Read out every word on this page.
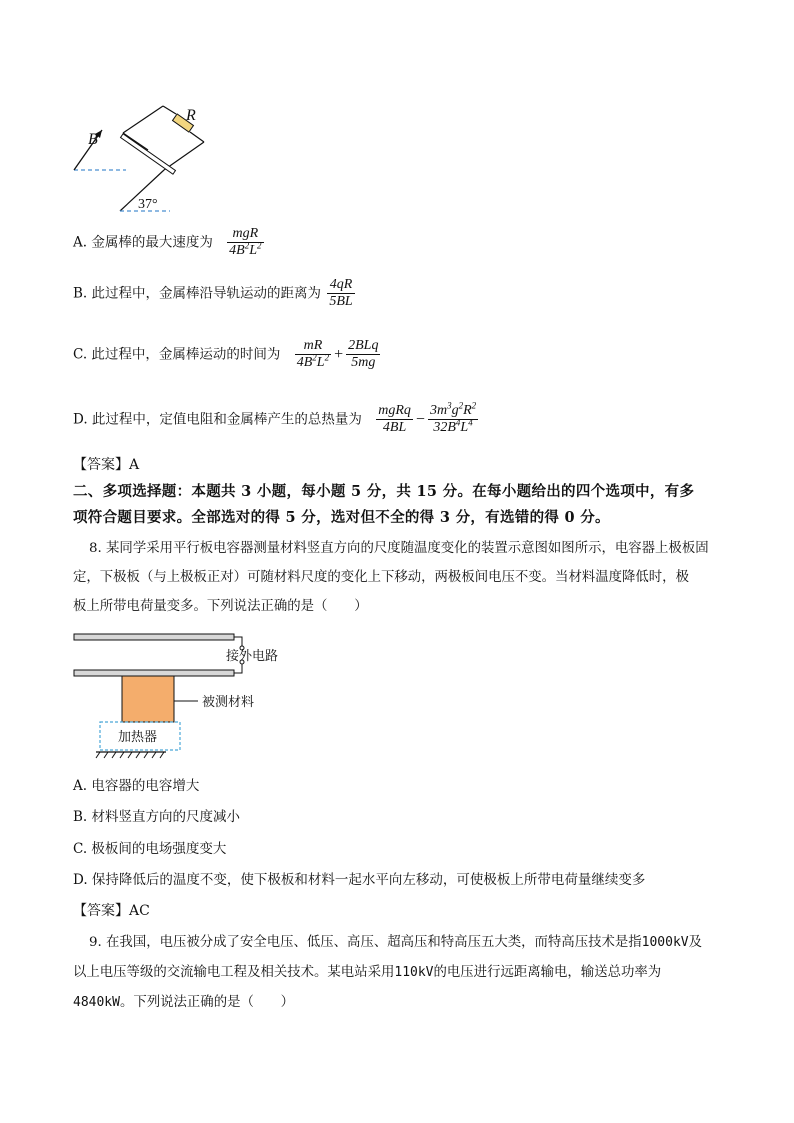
B
R
37°
A. 金属棒的最大速度为 $\frac{\text{mgR}}{4B^2L^2}$
B. 此过程中，金属棒沿导轨运动的距离为 $\frac{4qR}{5BL}$
C. 此过程中，金属棒运动的时间为 $\frac{mR}{4B^2L^2} + \frac{\text{2BLq}}{5mg}$
D. 此过程中，定值电阻和金属棒产生的总热量为 $\frac{\text{mgRq}}{4BL} - \frac{3m^3g^2R^2}{32B^4L^4}$
【答案】A
二、多项选择题：本题共 3 小题，每小题 5 分，共 15 分。在每小题给出的四个选项中，有多
项符合题目要求。全部选对的得 5 分，选对但不全的得 3 分，有选错的得 0 分。
8. 某同学采用平行板电容器测量材料竖直方向的尺度随温度变化的装置示意图如图所示，电容器上极板固
定，下极板（与上极板正对）可随材料尺度的变化上下移动，两极板间电压不变。当材料温度降低时，极
板上所带电荷量变多。下列说法正确的是（　　）
接外电路
被测材料
加热器
A. 电容器的电容增大
B. 材料竖直方向的尺度减小
C. 极板间的电场强度变大
D. 保持降低后的温度不变，使下极板和材料一起水平向左移动，可使极板上所带电荷量继续变多
【答案】AC
9. 在我国，电压被分成了安全电压、低压、高压、超高压和特高压五大类，而特高压技术是指1000kV及
以上电压等级的交流输电工程及相关技术。某电站采用110kV的电压进行远距离输电，输送总功率为
4840kW。下列说法正确的是（　　）
